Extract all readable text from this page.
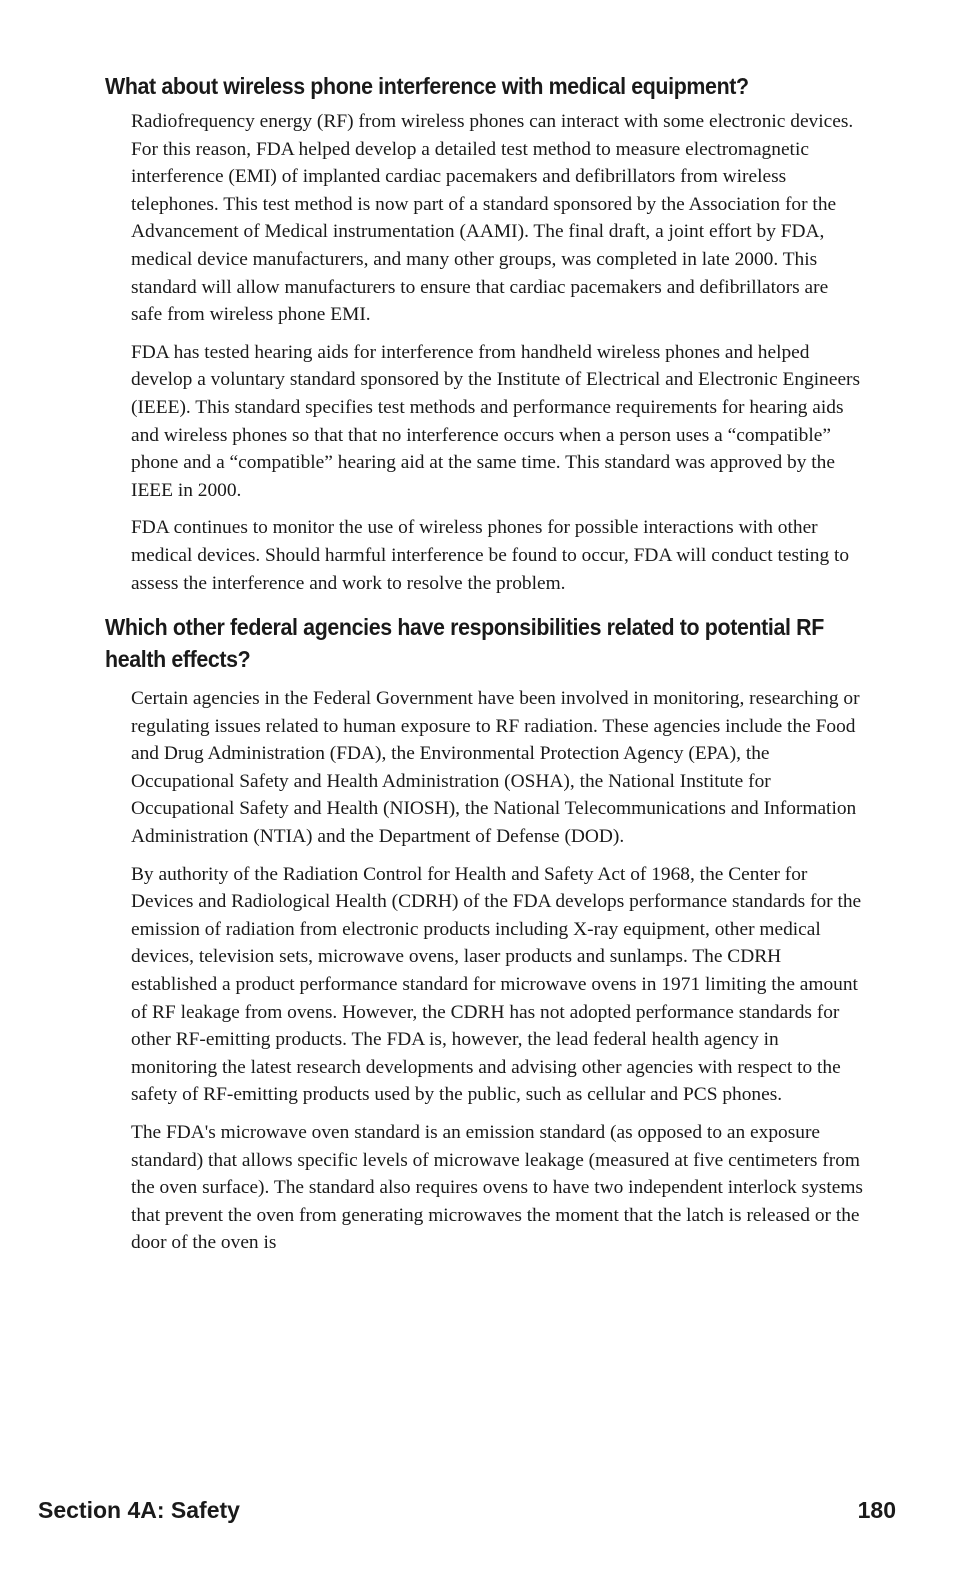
What about wireless phone interference with medical equipment?

Radiofrequency energy (RF) from wireless phones can interact with some electronic devices. For this reason, FDA helped develop a detailed test method to measure electromagnetic interference (EMI) of implanted cardiac pacemakers and defibrillators from wireless telephones. This test method is now part of a standard sponsored by the Association for the Advancement of Medical instrumentation (AAMI). The final draft, a joint effort by FDA, medical device manufacturers, and many other groups, was completed in late 2000. This standard will allow manufacturers to ensure that cardiac pacemakers and defibrillators are safe from wireless phone EMI.

FDA has tested hearing aids for interference from handheld wireless phones and helped develop a voluntary standard sponsored by the Institute of Electrical and Electronic Engineers (IEEE). This standard specifies test methods and performance requirements for hearing aids and wireless phones so that that no interference occurs when a person uses a “compatible” phone and a “compatible” hearing aid at the same time. This standard was approved by the IEEE in 2000.

FDA continues to monitor the use of wireless phones for possible interactions with other medical devices. Should harmful interference be found to occur, FDA will conduct testing to assess the interference and work to resolve the problem.

Which other federal agencies have responsibilities related to potential RF health effects?

Certain agencies in the Federal Government have been involved in monitoring, researching or regulating issues related to human exposure to RF radiation. These agencies include the Food and Drug Administration (FDA), the Environmental Protection Agency (EPA), the Occupational Safety and Health Administration (OSHA), the National Institute for Occupational Safety and Health (NIOSH), the National Telecommunications and Information Administration (NTIA) and the Department of Defense (DOD).

By authority of the Radiation Control for Health and Safety Act of 1968, the Center for Devices and Radiological Health (CDRH) of the FDA develops performance standards for the emission of radiation from electronic products including X-ray equipment, other medical devices, television sets, microwave ovens, laser products and sunlamps. The CDRH established a product performance standard for microwave ovens in 1971 limiting the amount of RF leakage from ovens. However, the CDRH has not adopted performance standards for other RF-emitting products. The FDA is, however, the lead federal health agency in monitoring the latest research developments and advising other agencies with respect to the safety of RF-emitting products used by the public, such as cellular and PCS phones.

The FDA's microwave oven standard is an emission standard (as opposed to an exposure standard) that allows specific levels of microwave leakage (measured at five centimeters from the oven surface). The standard also requires ovens to have two independent interlock systems that prevent the oven from generating microwaves the moment that the latch is released or the door of the oven is

Section 4A: Safety	180
